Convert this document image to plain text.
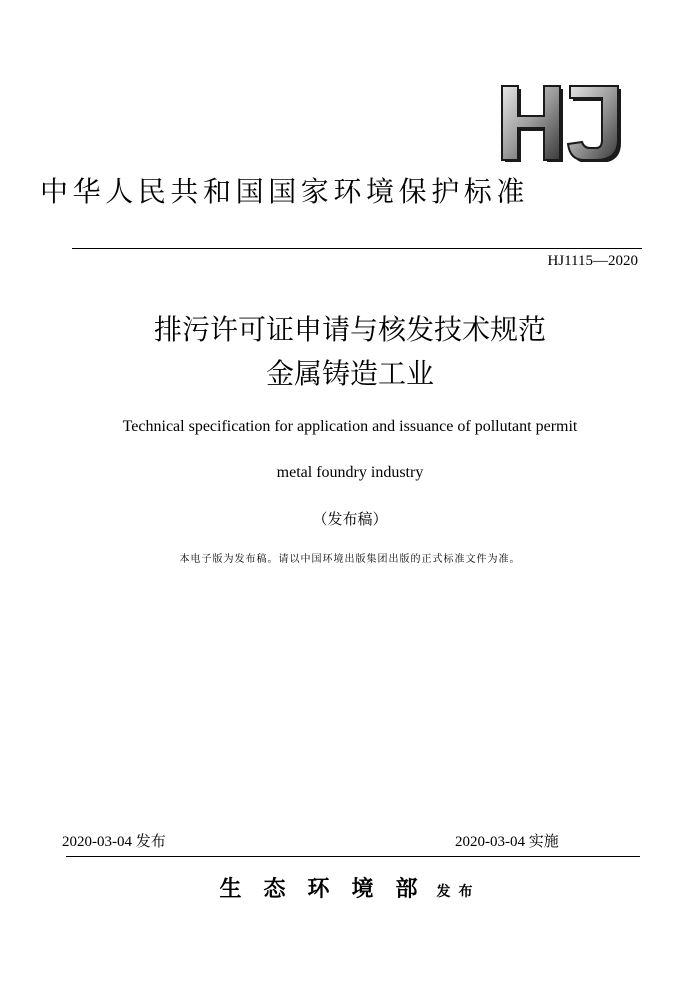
中华人民共和国国家环境保护标准
HJ1115—2020
排污许可证申请与核发技术规范
金属铸造工业
Technical specification for application and issuance of pollutant permit
metal foundry industry
（发布稿）
本电子版为发布稿。请以中国环境出版集团出版的正式标准文件为准。
2020-03-04 发布	2020-03-04 实施
生态环境部 发布
